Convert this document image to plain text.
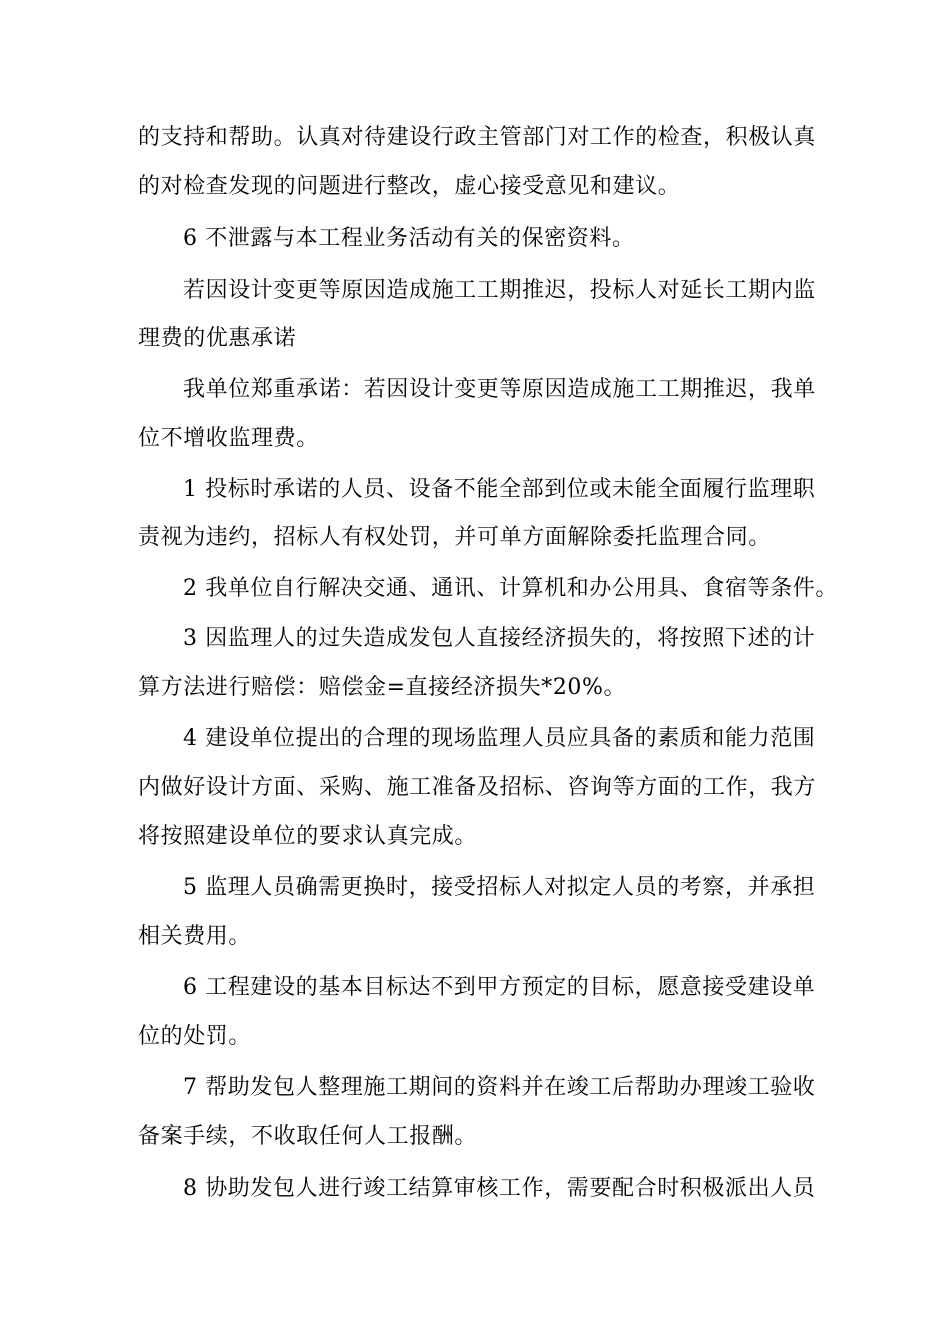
的支持和帮助。认真对待建设行政主管部门对工作的检查，积极认真
的对检查发现的问题进行整改，虚心接受意见和建议。
6 不泄露与本工程业务活动有关的保密资料。
若因设计变更等原因造成施工工期推迟，投标人对延长工期内监
理费的优惠承诺
我单位郑重承诺：若因设计变更等原因造成施工工期推迟，我单
位不增收监理费。
1 投标时承诺的人员、设备不能全部到位或未能全面履行监理职
责视为违约，招标人有权处罚，并可单方面解除委托监理合同。
2 我单位自行解决交通、通讯、计算机和办公用具、食宿等条件。
3 因监理人的过失造成发包人直接经济损失的，将按照下述的计
算方法进行赔偿：赔偿金=直接经济损失*20%。
4 建设单位提出的合理的现场监理人员应具备的素质和能力范围
内做好设计方面、采购、施工准备及招标、咨询等方面的工作，我方
将按照建设单位的要求认真完成。
5 监理人员确需更换时，接受招标人对拟定人员的考察，并承担
相关费用。
6 工程建设的基本目标达不到甲方预定的目标，愿意接受建设单
位的处罚。
7 帮助发包人整理施工期间的资料并在竣工后帮助办理竣工验收
备案手续，不收取任何人工报酬。
8 协助发包人进行竣工结算审核工作，需要配合时积极派出人员
